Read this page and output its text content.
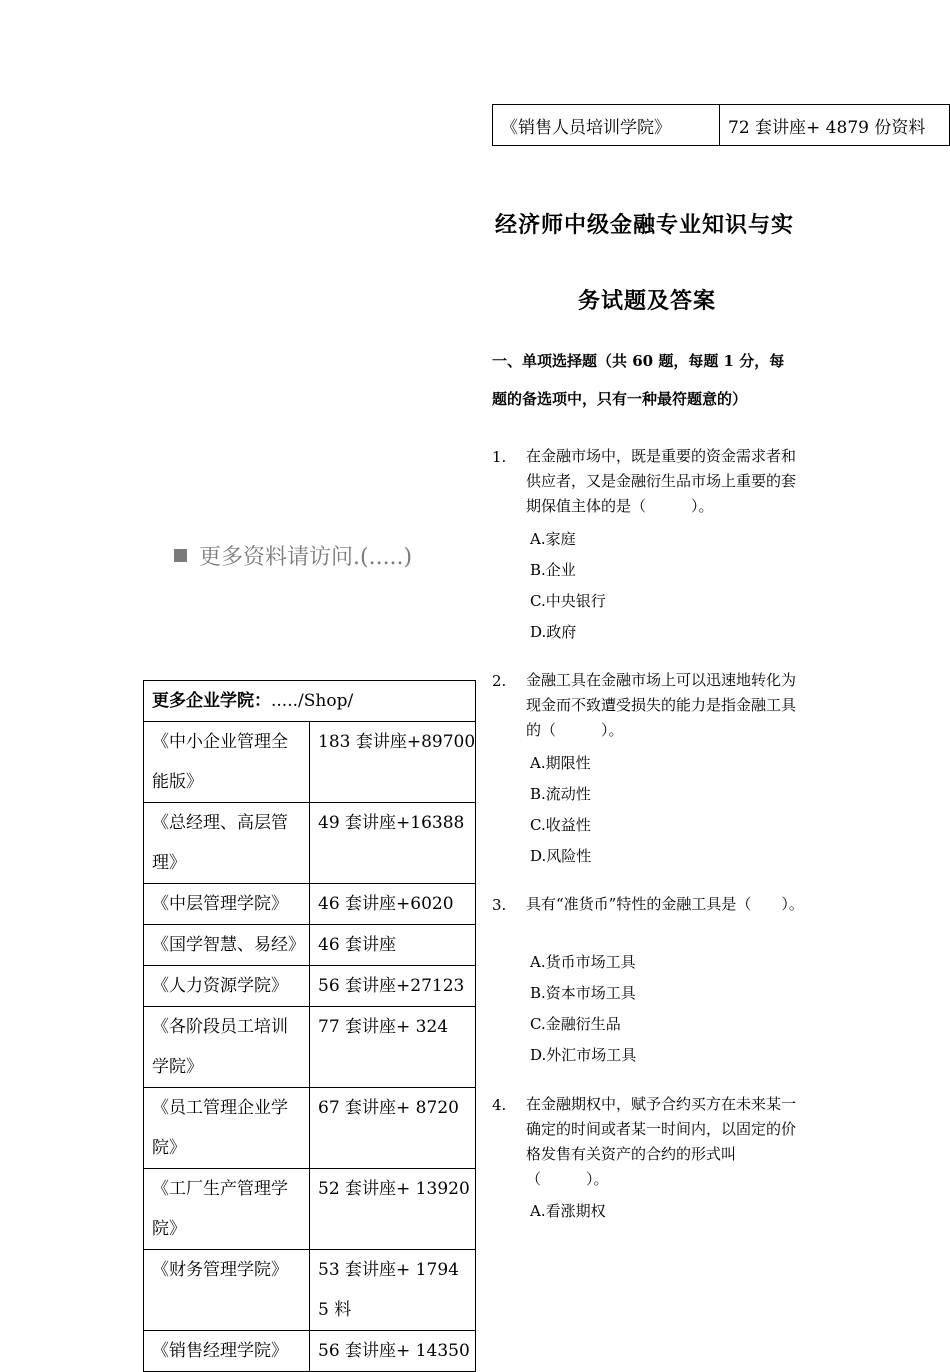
《销售人员培训学院》	72 套讲座+ 4879 份资料
经济师中级金融专业知识与实
务试题及答案
一、单项选择题（共 60 题，每题 1 分，每
题的备选项中，只有一种最符题意的）
1. 在金融市场中，既是重要的资金需求者和供应者，又是金融衍生品市场上重要的套期保值主体的是（　　　）。
A.家庭
B.企业
C.中央银行
D.政府
2. 金融工具在金融市场上可以迅速地转化为现金而不致遭受损失的能力是指金融工具的（　　　）。
A.期限性
B.流动性
C.收益性
D.风险性
3. 具有“准货币”特性的金融工具是（　　）。
A.货币市场工具
B.资本市场工具
C.金融衍生品
D.外汇市场工具
4. 在金融期权中，赋予合约买方在未来某一确定的时间或者某一时间内，以固定的价格发售有关资产的合约的形式叫（　　　）。
A.看涨期权
更多资料请访问.(.....)
更多企业学院：...../Shop/	
《中小企业管理全能版》	183 套讲座+89700
《总经理、高层管理》	49 套讲座+16388
《中层管理学院》	46 套讲座+6020
《国学智慧、易经》	46 套讲座
《人力资源学院》	56 套讲座+27123
《各阶段员工培训学院》	77 套讲座+ 324
《员工管理企业学院》	67 套讲座+ 8720
《工厂生产管理学院》	52 套讲座+ 13920
《财务管理学院》	53 套讲座+ 17945 料
《销售经理学院》	56 套讲座+ 14350
